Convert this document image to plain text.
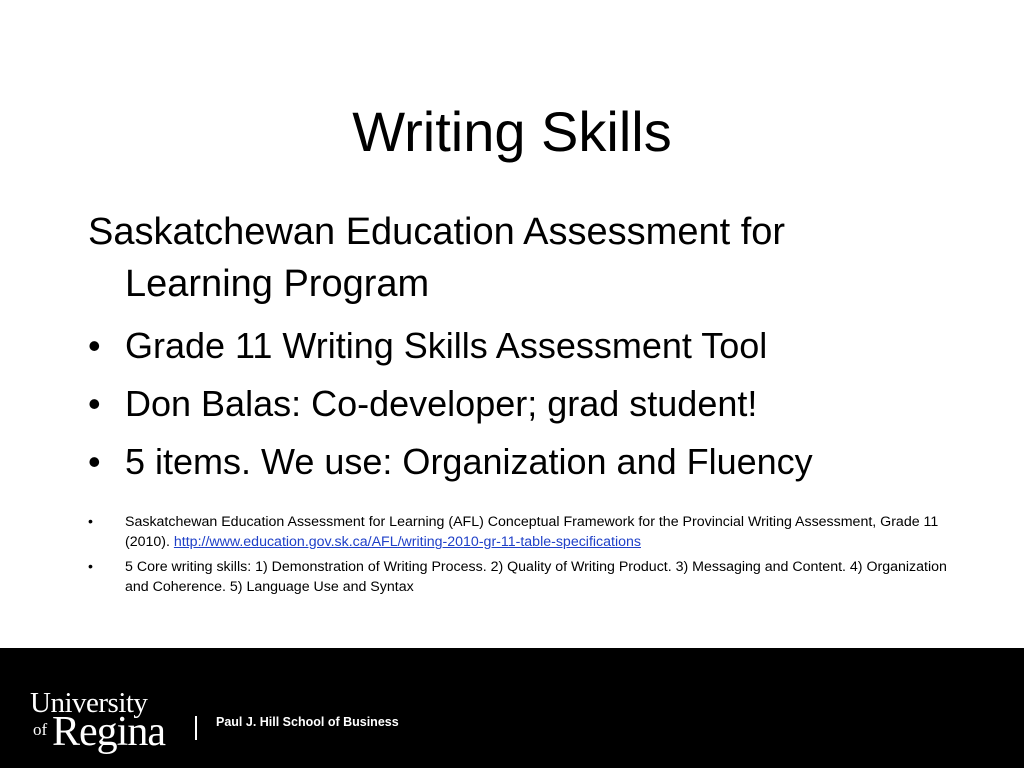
Writing Skills

Saskatchewan Education Assessment for
Learning Program

• Grade 11 Writing Skills Assessment Tool
• Don Balas: Co-developer; grad student!
• 5 items. We use: Organization and Fluency
• Saskatchewan Education Assessment for Learning (AFL) Conceptual Framework for the Provincial Writing Assessment, Grade 11 (2010). http://www.education.gov.sk.ca/AFL/writing-2010-gr-11-table-specifications
• 5 Core writing skills: 1) Demonstration of Writing Process. 2) Quality of Writing Product. 3) Messaging and Content. 4) Organization and Coherence. 5) Language Use and Syntax
University
of Regina	Paul J. Hill School of Business
